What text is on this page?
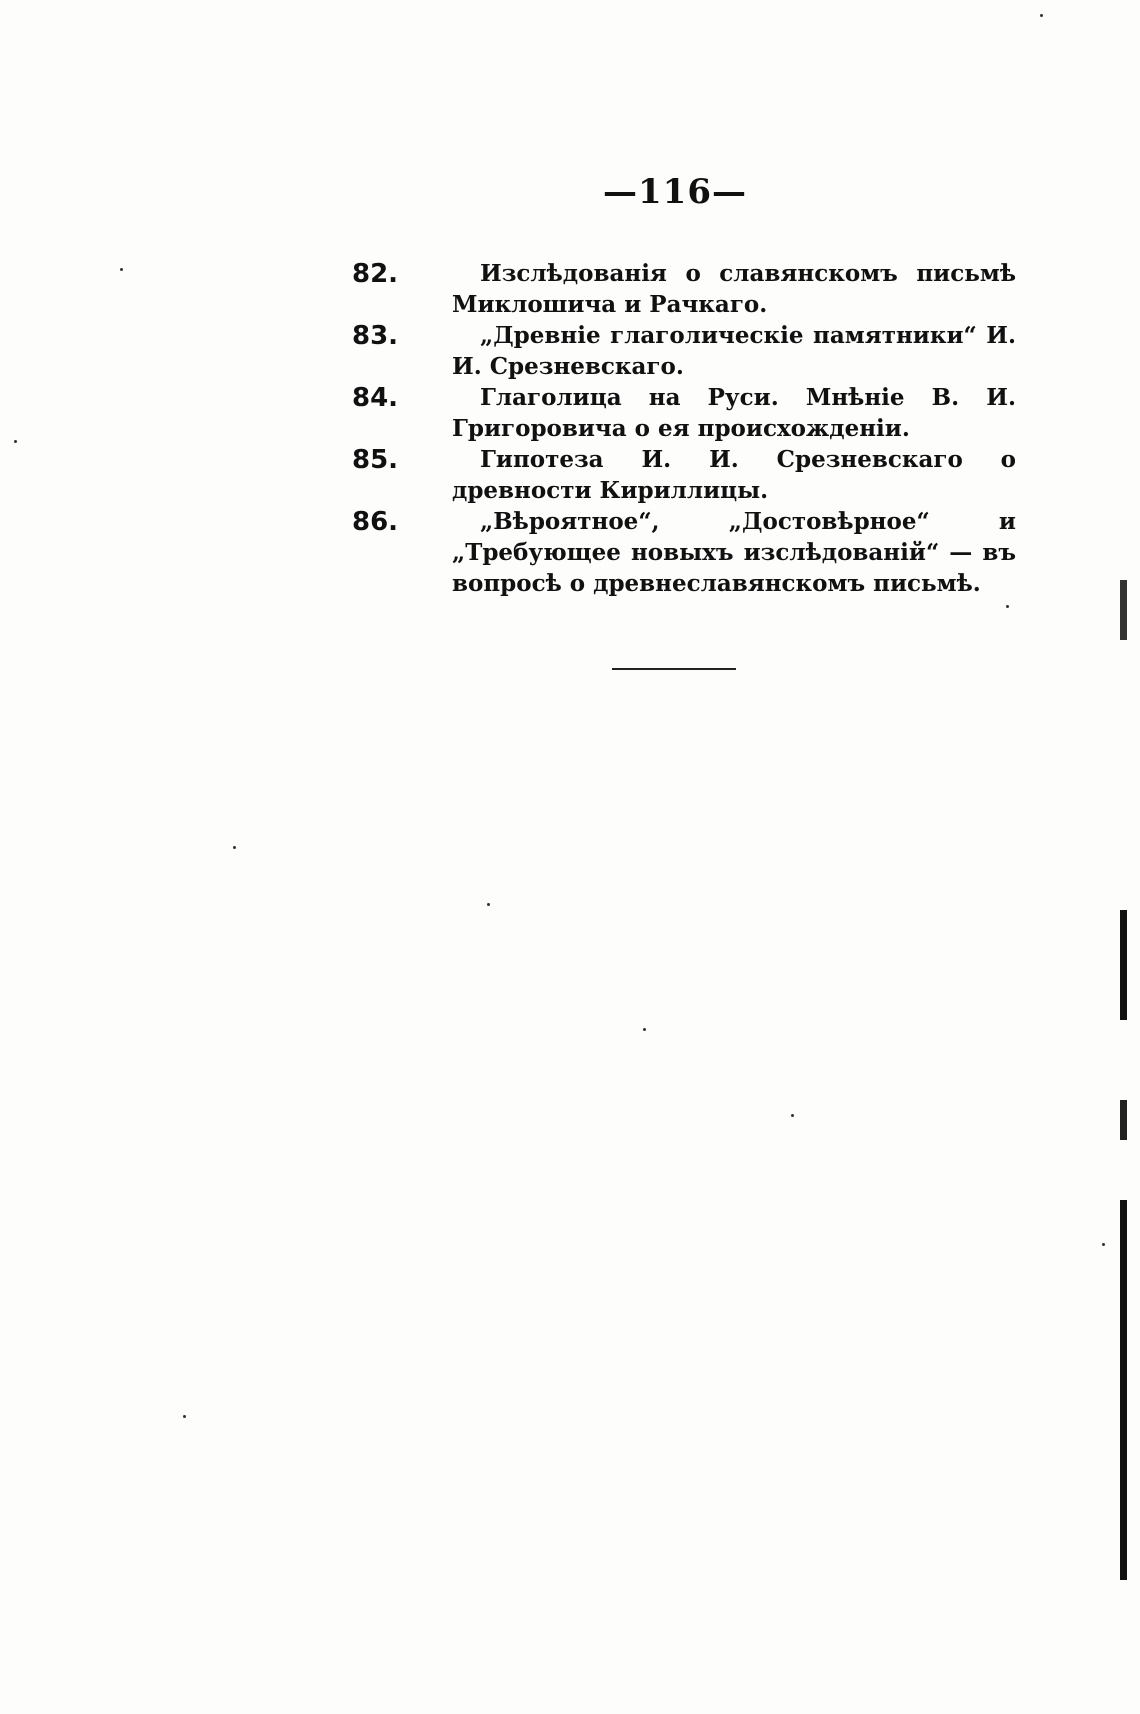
—116—
82.	Изслѣдованія о славянскомъ письмѣ Миклошича и Рачкаго.
83.	„Древніе глаголическіе памятники“ И. И. Срезневскаго.
84.	Глаголица на Руси. Мнѣніе В. И. Григоровича о ея происхожденіи.
85.	Гипотеза И. И. Срезневскаго о древности Кириллицы.
86.	„Вѣроятное“, „Достовѣрное“ и „Требующее новыхъ изслѣдованій“ — въ вопросѣ о древнеславянскомъ письмѣ.
